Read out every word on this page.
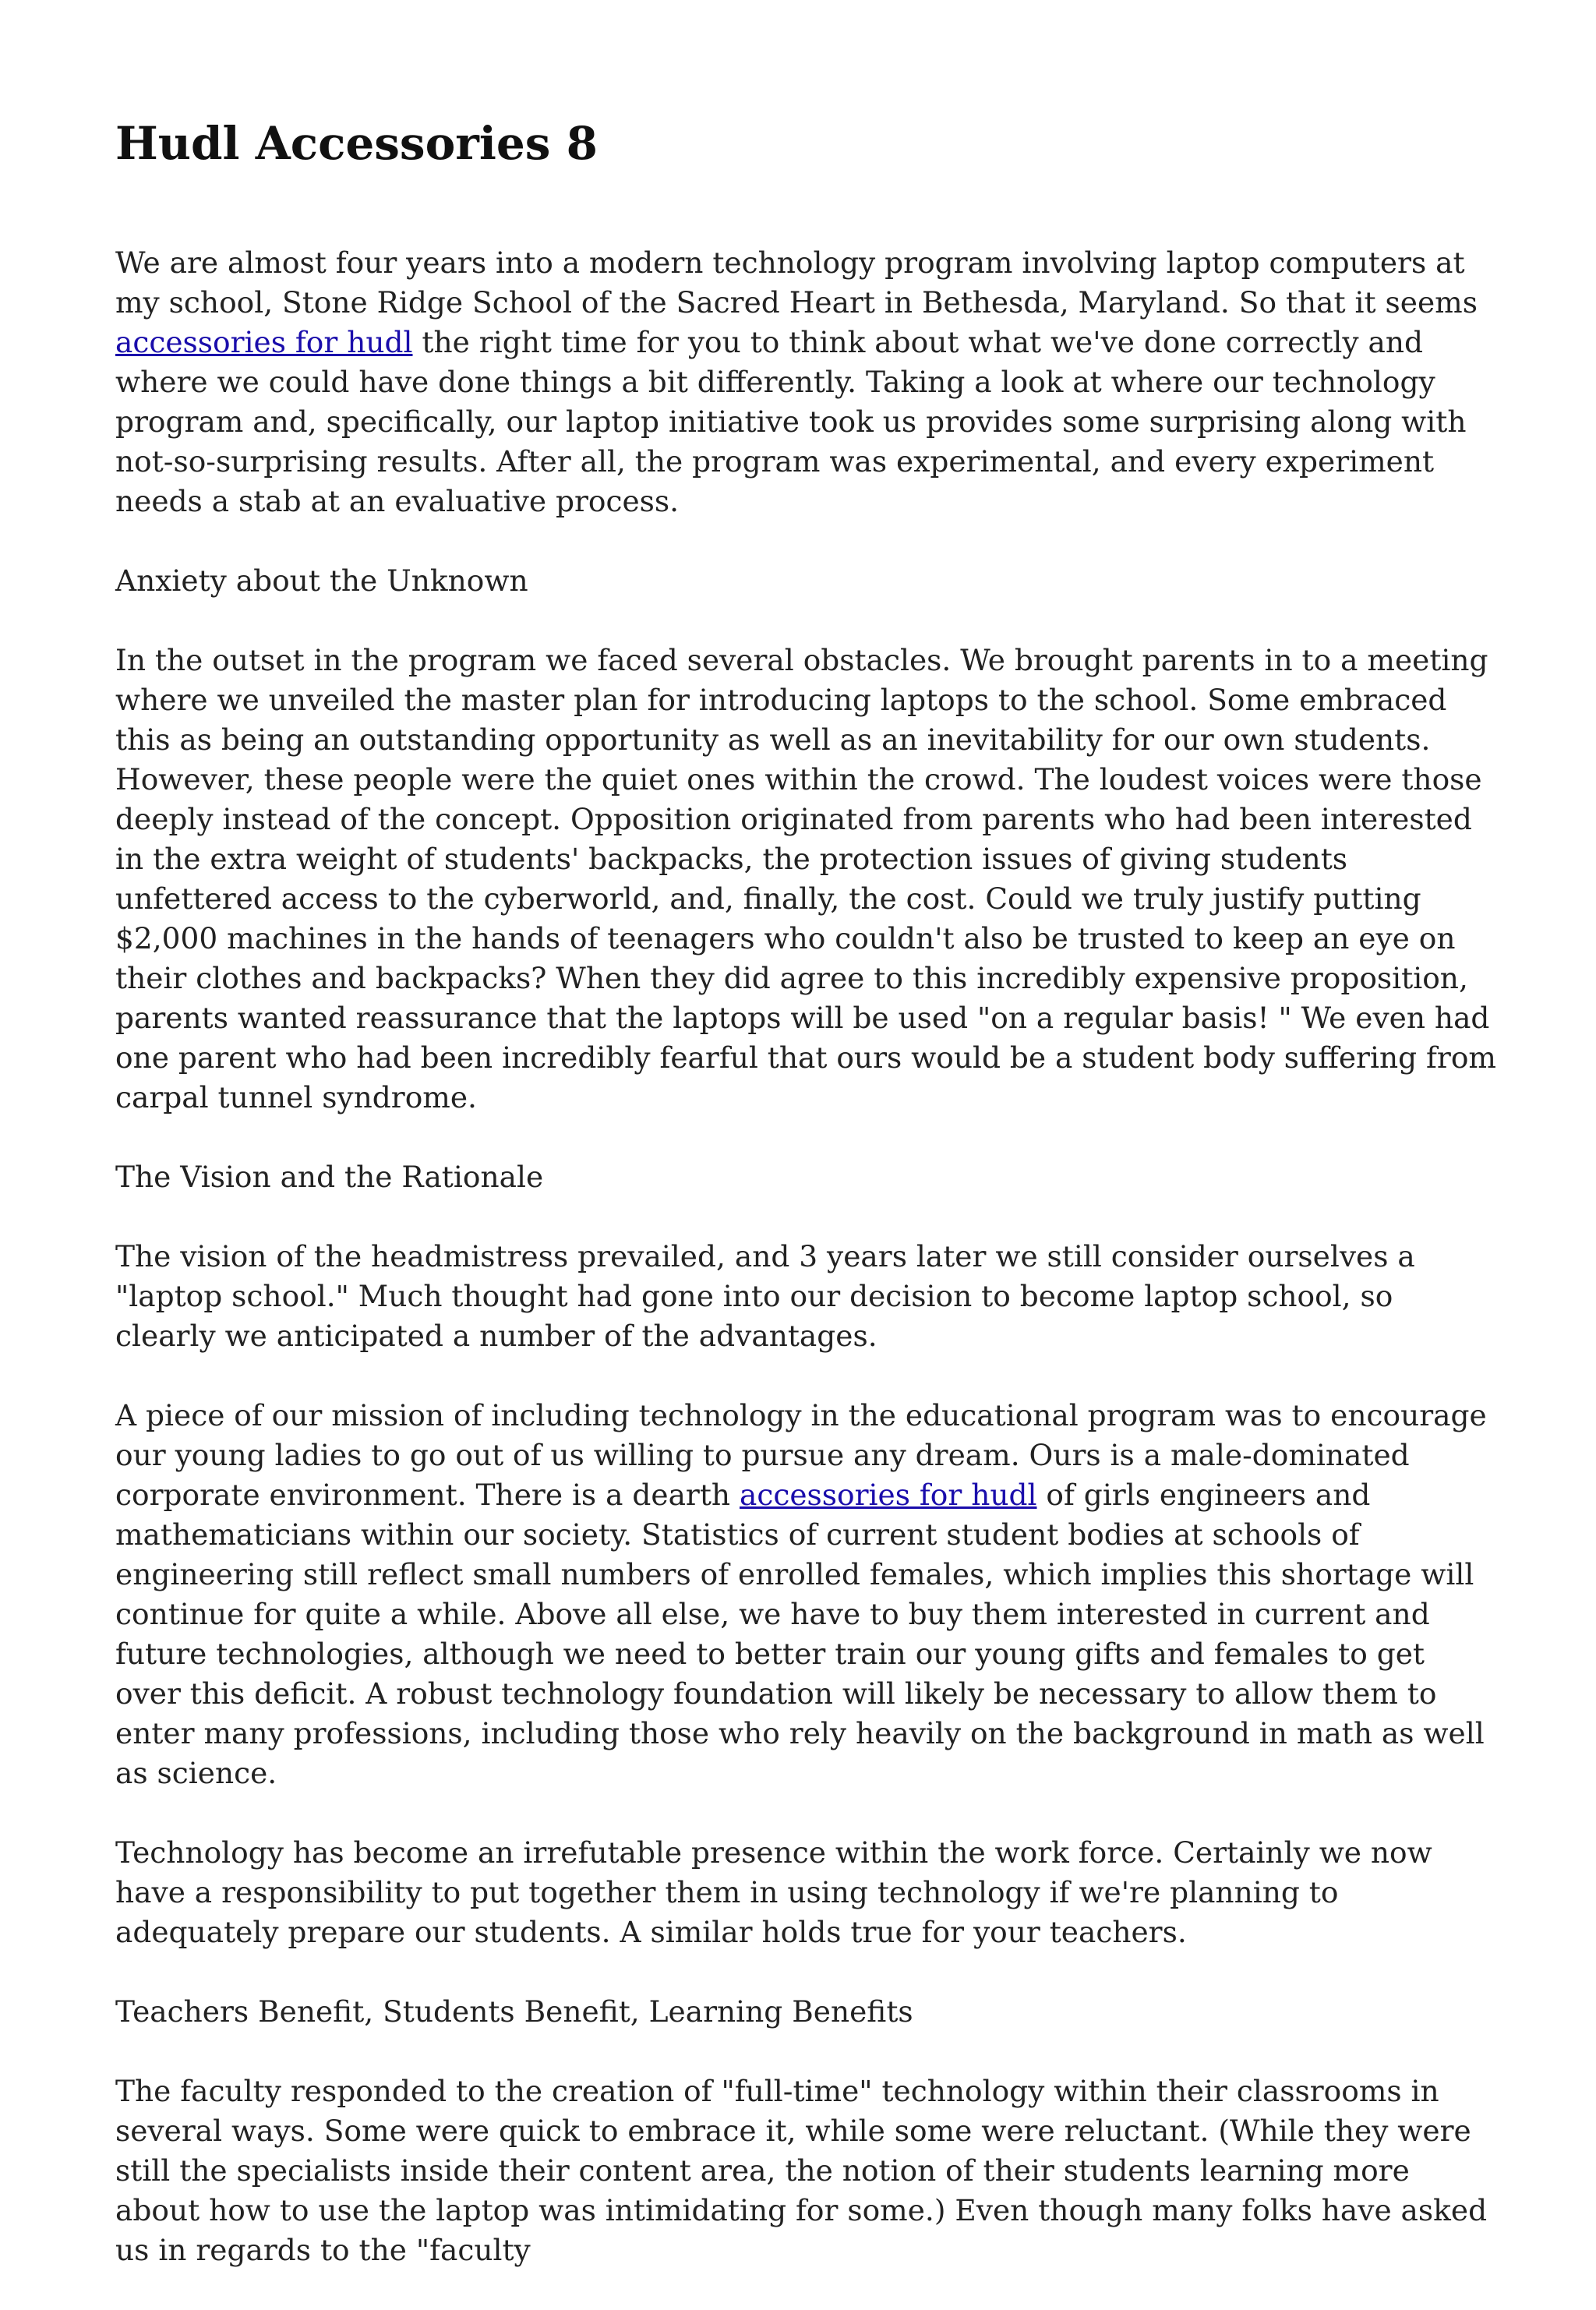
Hudl Accessories 8

We are almost four years into a modern technology program involving laptop computers at my school, Stone Ridge School of the Sacred Heart in Bethesda, Maryland. So that it seems accessories for hudl the right time for you to think about what we've done correctly and where we could have done things a bit differently. Taking a look at where our technology program and, specifically, our laptop initiative took us provides some surprising along with not-so-surprising results. After all, the program was experimental, and every experiment needs a stab at an evaluative process.

Anxiety about the Unknown

In the outset in the program we faced several obstacles. We brought parents in to a meeting where we unveiled the master plan for introducing laptops to the school. Some embraced this as being an outstanding opportunity as well as an inevitability for our own students. However, these people were the quiet ones within the crowd. The loudest voices were those deeply instead of the concept. Opposition originated from parents who had been interested in the extra weight of students' backpacks, the protection issues of giving students unfettered access to the cyberworld, and, finally, the cost. Could we truly justify putting $2,000 machines in the hands of teenagers who couldn't also be trusted to keep an eye on their clothes and backpacks? When they did agree to this incredibly expensive proposition, parents wanted reassurance that the laptops will be used "on a regular basis! " We even had one parent who had been incredibly fearful that ours would be a student body suffering from carpal tunnel syndrome.

The Vision and the Rationale

The vision of the headmistress prevailed, and 3 years later we still consider ourselves a "laptop school." Much thought had gone into our decision to become laptop school, so clearly we anticipated a number of the advantages.

A piece of our mission of including technology in the educational program was to encourage our young ladies to go out of us willing to pursue any dream. Ours is a male-dominated corporate environment. There is a dearth accessories for hudl of girls engineers and mathematicians within our society. Statistics of current student bodies at schools of engineering still reflect small numbers of enrolled females, which implies this shortage will continue for quite a while. Above all else, we have to buy them interested in current and future technologies, although we need to better train our young gifts and females to get over this deficit. A robust technology foundation will likely be necessary to allow them to enter many professions, including those who rely heavily on the background in math as well as science.

Technology has become an irrefutable presence within the work force. Certainly we now have a responsibility to put together them in using technology if we're planning to adequately prepare our students. A similar holds true for your teachers.

Teachers Benefit, Students Benefit, Learning Benefits

The faculty responded to the creation of "full-time" technology within their classrooms in several ways. Some were quick to embrace it, while some were reluctant. (While they were still the specialists inside their content area, the notion of their students learning more about how to use the laptop was intimidating for some.) Even though many folks have asked us in regards to the "faculty
